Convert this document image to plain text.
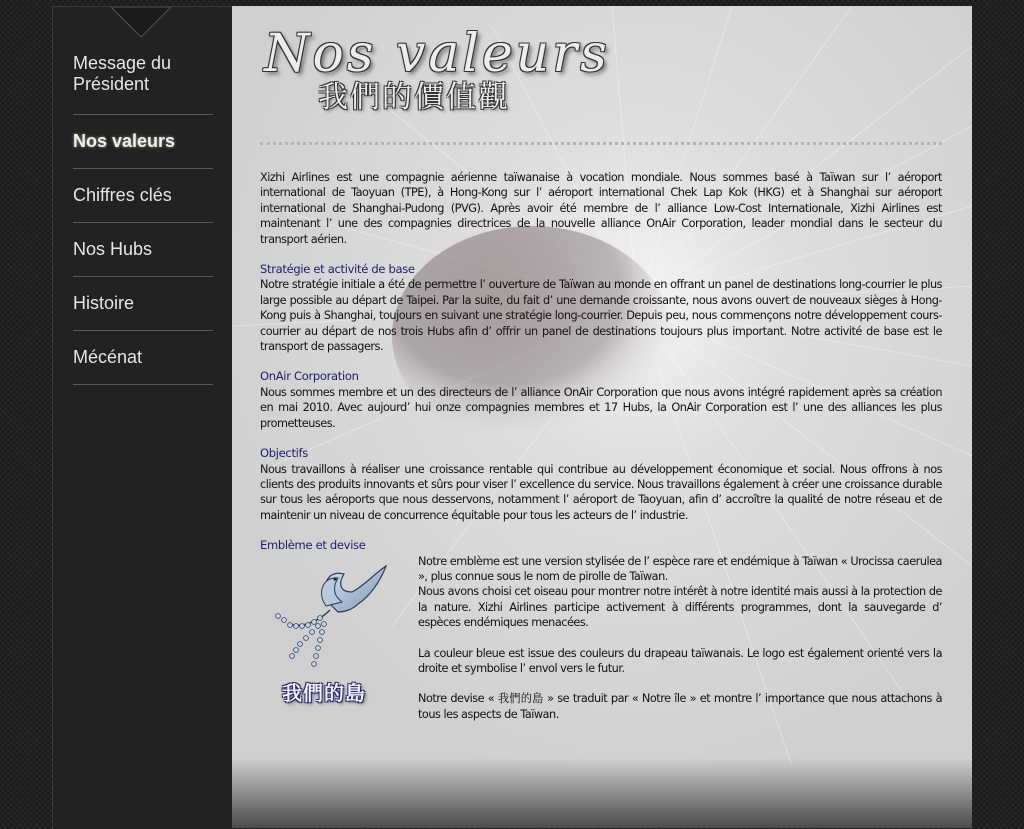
Message du Président
Nos valeurs
Chiffres clés
Nos Hubs
Histoire
Mécénat
Nos valeurs
我們的價值觀

Xizhi Airlines est une compagnie aérienne taïwanaise à vocation mondiale. Nous sommes basé à Taïwan sur l’ aéroport international de Taoyuan (TPE), à Hong-Kong sur l’ aéroport international Chek Lap Kok (HKG) et à Shanghai sur aéroport international de Shanghai-Pudong (PVG). Après avoir été membre de l’ alliance Low-Cost Internationale, Xizhi Airlines est maintenant l’ une des compagnies directrices de la nouvelle alliance OnAir Corporation, leader mondial dans le secteur du transport aérien.

Stratégie et activité de base

Notre stratégie initiale a été de permettre l’ ouverture de Taïwan au monde en offrant un panel de destinations long-courrier le plus large possible au départ de Taipei. Par la suite, du fait d’ une demande croissante, nous avons ouvert de nouveaux sièges à Hong-Kong puis à Shanghai, toujours en suivant une stratégie long-courrier. Depuis peu, nous commençons notre développement cours-courrier au départ de nos trois Hubs afin d’ offrir un panel de destinations toujours plus important. Notre activité de base est le transport de passagers.

OnAir Corporation

Nous sommes membre et un des directeurs de l’ alliance OnAir Corporation que nous avons intégré rapidement après sa création en mai 2010. Avec aujourd’ hui onze compagnies membres et 17 Hubs, la OnAir Corporation est l’ une des alliances les plus prometteuses.

Objectifs

Nous travaillons à réaliser une croissance rentable qui contribue au développement économique et social. Nous offrons à nos clients des produits innovants et sûrs pour viser l’ excellence du service. Nous travaillons également à créer une croissance durable sur tous les aéroports que nous desservons, notamment l’ aéroport de Taoyuan, afin d’ accroître la qualité de notre réseau et de maintenir un niveau de concurrence équitable pour tous les acteurs de l’ industrie.

Emblème et devise

我們的島

Notre emblème est une version stylisée de l’ espèce rare et endémique à Taïwan « Urocissa caerulea », plus connue sous le nom de pirolle de Taïwan.

Nous avons choisi cet oiseau pour montrer notre intérêt à notre identité mais aussi à la protection de la nature. Xizhi Airlines participe activement à différents programmes, dont la sauvegarde d’ espèces endémiques menacées.

La couleur bleue est issue des couleurs du drapeau taïwanais. Le logo est également orienté vers la droite et symbolise l’ envol vers le futur.

Notre devise « 我們的島 » se traduit par « Notre île » et montre l’ importance que nous attachons à tous les aspects de Taïwan.
